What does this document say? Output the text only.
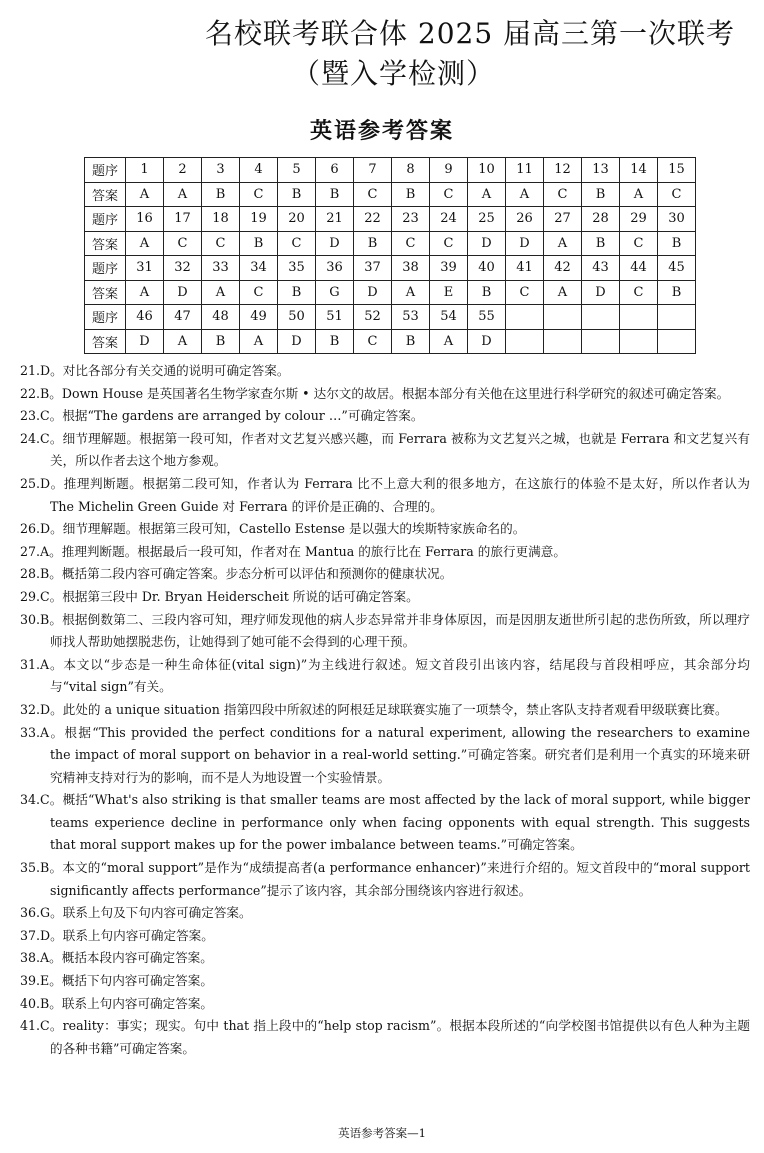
名校联考联合体 2025 届高三第一次联考
（暨入学检测）
英语参考答案
题序	1	2	3	4	5	6	7	8	9	10	11	12	13	14	15
答案	A	A	B	C	B	B	C	B	C	A	A	C	B	A	C
题序	16	17	18	19	20	21	22	23	24	25	26	27	28	29	30
答案	A	C	C	B	C	D	B	C	C	D	D	A	B	C	B
题序	31	32	33	34	35	36	37	38	39	40	41	42	43	44	45
答案	A	D	A	C	B	G	D	A	E	B	C	A	D	C	B
题序	46	47	48	49	50	51	52	53	54	55					
答案	D	A	B	A	D	B	C	B	A	D					
21.D。对比各部分有关交通的说明可确定答案。
22.B。Down House 是英国著名生物学家查尔斯 • 达尔文的故居。根据本部分有关他在这里进行科学研究的叙述可确定答案。
23.C。根据“The gardens are arranged by colour …”可确定答案。
24.C。细节理解题。根据第一段可知，作者对文艺复兴感兴趣，而 Ferrara 被称为文艺复兴之城，也就是 Ferrara 和文艺复兴有关，所以作者去这个地方参观。
25.D。推理判断题。根据第二段可知，作者认为 Ferrara 比不上意大利的很多地方，在这旅行的体验不是太好，所以作者认为 The Michelin Green Guide 对 Ferrara 的评价是正确的、合理的。
26.D。细节理解题。根据第三段可知，Castello Estense 是以强大的埃斯特家族命名的。
27.A。推理判断题。根据最后一段可知，作者对在 Mantua 的旅行比在 Ferrara 的旅行更满意。
28.B。概括第二段内容可确定答案。步态分析可以评估和预测你的健康状况。
29.C。根据第三段中 Dr. Bryan Heiderscheit 所说的话可确定答案。
30.B。根据倒数第二、三段内容可知，理疗师发现他的病人步态异常并非身体原因，而是因朋友逝世所引起的悲伤所致，所以理疗师找人帮助她摆脱悲伤，让她得到了她可能不会得到的心理干预。
31.A。本文以“步态是一种生命体征(vital sign)”为主线进行叙述。短文首段引出该内容，结尾段与首段相呼应，其余部分均与“vital sign”有关。
32.D。此处的 a unique situation 指第四段中所叙述的阿根廷足球联赛实施了一项禁令，禁止客队支持者观看甲级联赛比赛。
33.A。根据“This provided the perfect conditions for a natural experiment, allowing the researchers to examine the impact of moral support on behavior in a real-world setting.”可确定答案。研究者们是利用一个真实的环境来研究精神支持对行为的影响，而不是人为地设置一个实验情景。
34.C。概括“What's also striking is that smaller teams are most affected by the lack of moral support, while bigger teams experience decline in performance only when facing opponents with equal strength. This suggests that moral support makes up for the power imbalance between teams.”可确定答案。
35.B。本文的“moral support”是作为“成绩提高者(a performance enhancer)”来进行介绍的。短文首段中的“moral support significantly affects performance”提示了该内容，其余部分围绕该内容进行叙述。
36.G。联系上句及下句内容可确定答案。
37.D。联系上句内容可确定答案。
38.A。概括本段内容可确定答案。
39.E。概括下句内容可确定答案。
40.B。联系上句内容可确定答案。
41.C。reality：事实；现实。句中 that 指上段中的“help stop racism”。根据本段所述的“向学校图书馆提供以有色人种为主题的各种书籍”可确定答案。
英语参考答案—1
